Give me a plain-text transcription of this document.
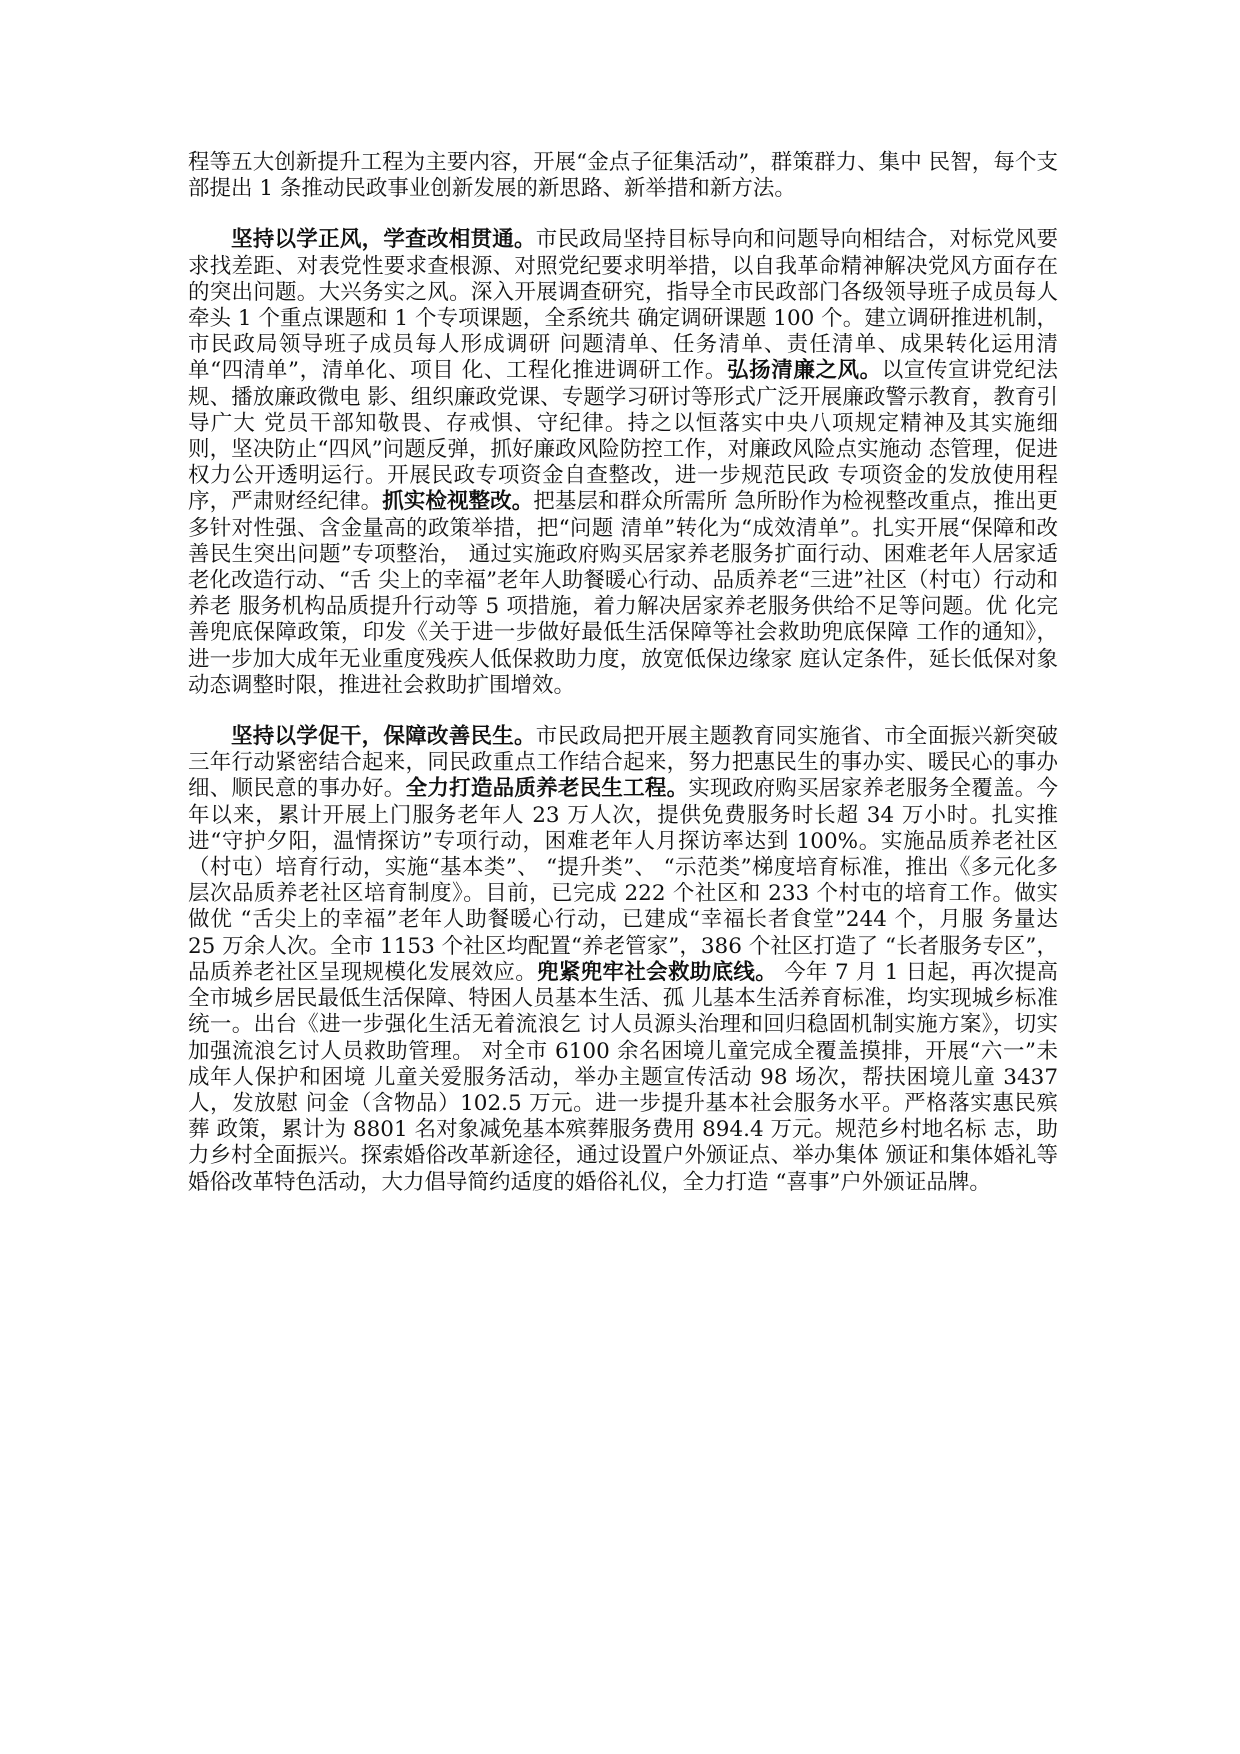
程等五大创新提升工程为主要内容，开展“金点子征集活动”，群策群力、集中 民智，每个支部提出 1 条推动民政事业创新发展的新思路、新举措和新方法。

坚持以学正风，学查改相贯通。市民政局坚持目标导向和问题导向相结合，对标党风要求找差距、对表党性要求查根源、对照党纪要求明举措，以自我革命精神解决党风方面存在的突出问题。大兴务实之风。深入开展调查研究，指导全市民政部门各级领导班子成员每人牵头 1 个重点课题和 1 个专项课题，全系统共 确定调研课题 100 个。建立调研推进机制，市民政局领导班子成员每人形成调研 问题清单、任务清单、责任清单、成果转化运用清单“四清单”，清单化、项目 化、工程化推进调研工作。弘扬清廉之风。以宣传宣讲党纪法规、播放廉政微电 影、组织廉政党课、专题学习研讨等形式广泛开展廉政警示教育，教育引导广大 党员干部知敬畏、存戒惧、守纪律。持之以恒落实中央八项规定精神及其实施细 则，坚决防止“四风”问题反弹，抓好廉政风险防控工作，对廉政风险点实施动 态管理，促进权力公开透明运行。开展民政专项资金自查整改，进一步规范民政 专项资金的发放使用程序，严肃财经纪律。抓实检视整改。把基层和群众所需所 急所盼作为检视整改重点，推出更多针对性强、含金量高的政策举措，把“问题 清单”转化为“成效清单”。扎实开展“保障和改善民生突出问题”专项整治， 通过实施政府购买居家养老服务扩面行动、困难老年人居家适老化改造行动、“舌 尖上的幸福”老年人助餐暖心行动、品质养老“三进”社区（村屯）行动和养老 服务机构品质提升行动等 5 项措施，着力解决居家养老服务供给不足等问题。优 化完善兜底保障政策，印发《关于进一步做好最低生活保障等社会救助兜底保障 工作的通知》，进一步加大成年无业重度残疾人低保救助力度，放宽低保边缘家 庭认定条件，延长低保对象动态调整时限，推进社会救助扩围增效。

坚持以学促干，保障改善民生。市民政局把开展主题教育同实施省、市全面振兴新突破三年行动紧密结合起来，同民政重点工作结合起来，努力把惠民生的事办实、暖民心的事办细、顺民意的事办好。全力打造品质养老民生工程。实现政府购买居家养老服务全覆盖。今年以来，累计开展上门服务老年人 23 万人次，提供免费服务时长超 34 万小时。扎实推进“守护夕阳，温情探访”专项行动，困难老年人月探访率达到 100%。实施品质养老社区（村屯）培育行动，实施“基本类”、 “提升类”、 “示范类”梯度培育标准，推出《多元化多层次品质养老社区培育制度》。目前，已完成 222 个社区和 233 个村屯的培育工作。做实做优 “舌尖上的幸福”老年人助餐暖心行动，已建成“幸福长者食堂”244 个，月服 务量达 25 万余人次。全市 1153 个社区均配置“养老管家”，386 个社区打造了 “长者服务专区”，品质养老社区呈现规模化发展效应。兜紧兜牢社会救助底线。 今年 7 月 1 日起，再次提高全市城乡居民最低生活保障、特困人员基本生活、孤 儿基本生活养育标准，均实现城乡标准统一。出台《进一步强化生活无着流浪乞 讨人员源头治理和回归稳固机制实施方案》，切实加强流浪乞讨人员救助管理。 对全市 6100 余名困境儿童完成全覆盖摸排，开展“六一”未成年人保护和困境 儿童关爱服务活动，举办主题宣传活动 98 场次，帮扶困境儿童 3437 人，发放慰 问金（含物品）102.5 万元。进一步提升基本社会服务水平。严格落实惠民殡葬 政策，累计为 8801 名对象减免基本殡葬服务费用 894.4 万元。规范乡村地名标 志，助力乡村全面振兴。探索婚俗改革新途径，通过设置户外颁证点、举办集体 颁证和集体婚礼等婚俗改革特色活动，大力倡导简约适度的婚俗礼仪，全力打造 “喜事”户外颁证品牌。
